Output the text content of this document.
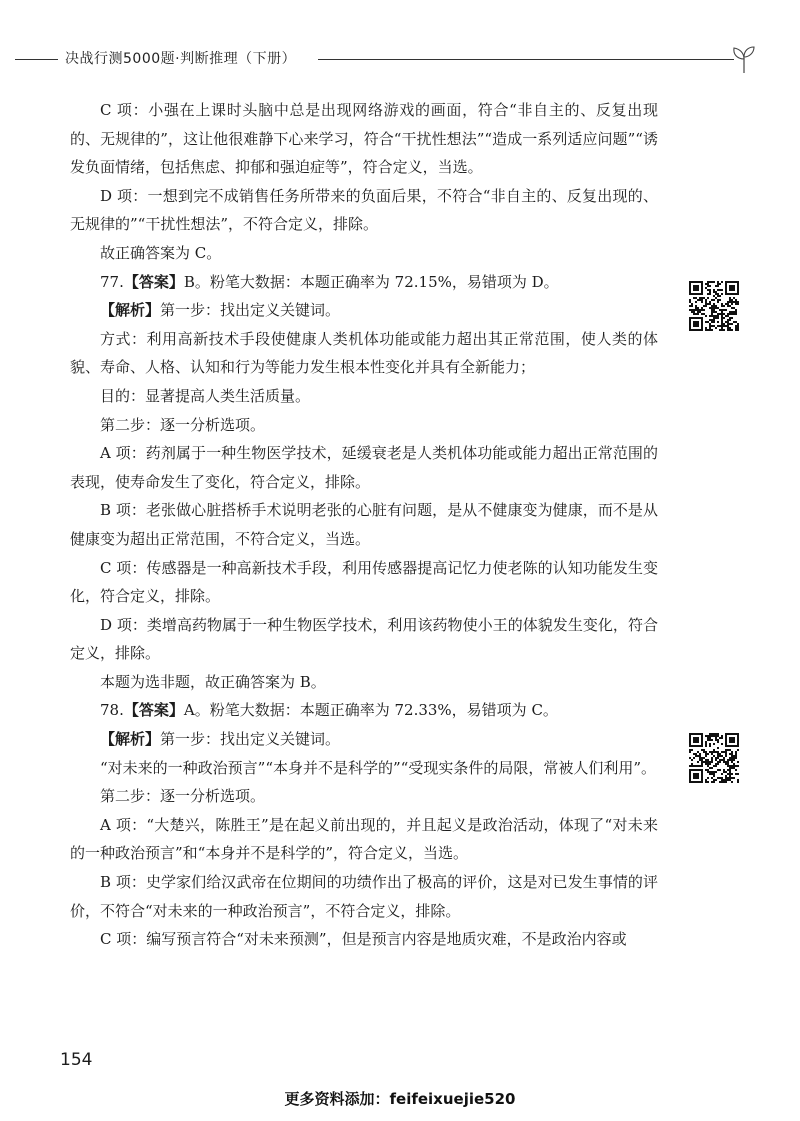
决战行测5000题·判断推理（下册）

C 项：小强在上课时头脑中总是出现网络游戏的画面，符合“非自主的、反复出现的、无规律的”，这让他很难静下心来学习，符合“干扰性想法”“造成一系列适应问题”“诱发负面情绪，包括焦虑、抑郁和强迫症等”，符合定义，当选。

D 项：一想到完不成销售任务所带来的负面后果，不符合“非自主的、反复出现的、无规律的”“干扰性想法”，不符合定义，排除。

故正确答案为 C。

77.【答案】B。粉笔大数据：本题正确率为 72.15%，易错项为 D。

【解析】第一步：找出定义关键词。

方式：利用高新技术手段使健康人类机体功能或能力超出其正常范围，使人类的体貌、寿命、人格、认知和行为等能力发生根本性变化并具有全新能力；

目的：显著提高人类生活质量。

第二步：逐一分析选项。

A 项：药剂属于一种生物医学技术，延缓衰老是人类机体功能或能力超出正常范围的表现，使寿命发生了变化，符合定义，排除。

B 项：老张做心脏搭桥手术说明老张的心脏有问题，是从不健康变为健康，而不是从健康变为超出正常范围，不符合定义，当选。

C 项：传感器是一种高新技术手段，利用传感器提高记忆力使老陈的认知功能发生变化，符合定义，排除。

D 项：类增高药物属于一种生物医学技术，利用该药物使小王的体貌发生变化，符合定义，排除。

本题为选非题，故正确答案为 B。

78.【答案】A。粉笔大数据：本题正确率为 72.33%，易错项为 C。

【解析】第一步：找出定义关键词。

“对未来的一种政治预言”“本身并不是科学的”“受现实条件的局限，常被人们利用”。

第二步：逐一分析选项。

A 项：“大楚兴，陈胜王”是在起义前出现的，并且起义是政治活动，体现了“对未来的一种政治预言”和“本身并不是科学的”，符合定义，当选。

B 项：史学家们给汉武帝在位期间的功绩作出了极高的评价，这是对已发生事情的评价，不符合“对未来的一种政治预言”，不符合定义，排除。

C 项：编写预言符合“对未来预测”，但是预言内容是地质灾难，不是政治内容或

154
更多资料添加：feifeixuejie520
